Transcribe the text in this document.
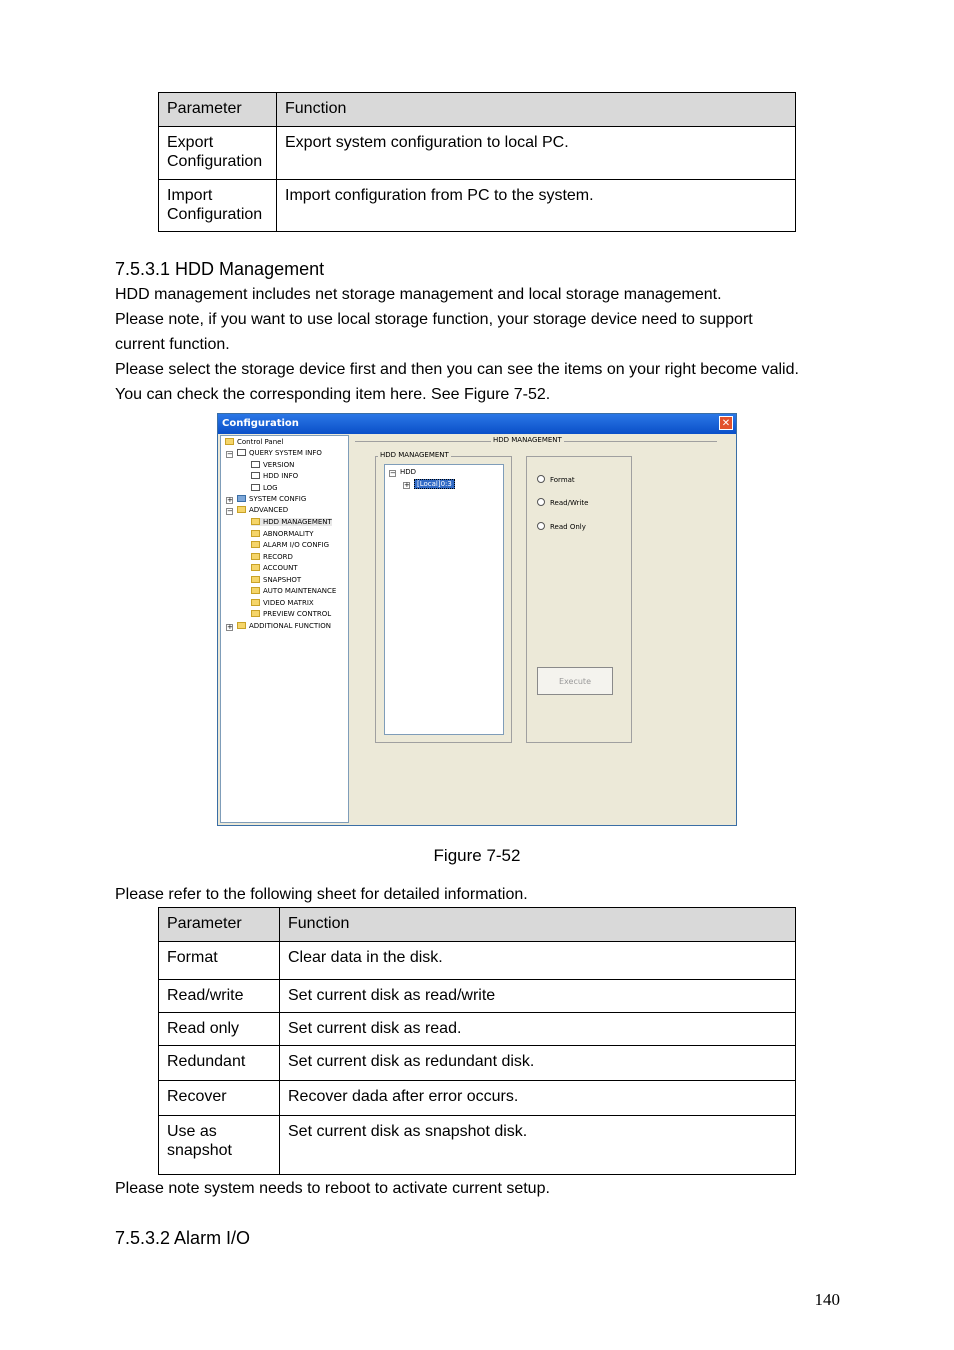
Parameter	Function
Export Configuration	Export system configuration to local PC.
Import Configuration	Import configuration from PC to the system.
7.5.3.1 HDD Management
HDD management includes net storage management and local storage management.
Please note, if you want to use local storage function, your storage device need to support
current function.
Please select the storage device first and then you can see the items on your right become valid.
You can check the corresponding item here. See Figure 7-52.
Configuration	✕
Control Panel
−	QUERY SYSTEM INFO
VERSION
HDD INFO
LOG
+	SYSTEM CONFIG
−	ADVANCED
HDD MANAGEMENT
ABNORMALITY
ALARM I/O CONFIG
RECORD
ACCOUNT
SNAPSHOT
AUTO MAINTENANCE
VIDEO MATRIX
PREVIEW CONTROL
+	ADDITIONAL FUNCTION
HDD MANAGEMENT
HDD MANAGEMENT
− HDD
+	[Local]0:3	Format
Read/Write
Read Only
Execute
Figure 7-52
Please refer to the following sheet for detailed information.
Parameter	Function
Format	Clear data in the disk.
Read/write	Set current disk as read/write
Read only	Set current disk as read.
Redundant	Set current disk as redundant disk.
Recover	Recover dada after error occurs.
Use as snapshot	Set current disk as snapshot disk.
Please note system needs to reboot to activate current setup.
7.5.3.2 Alarm I/O
140
